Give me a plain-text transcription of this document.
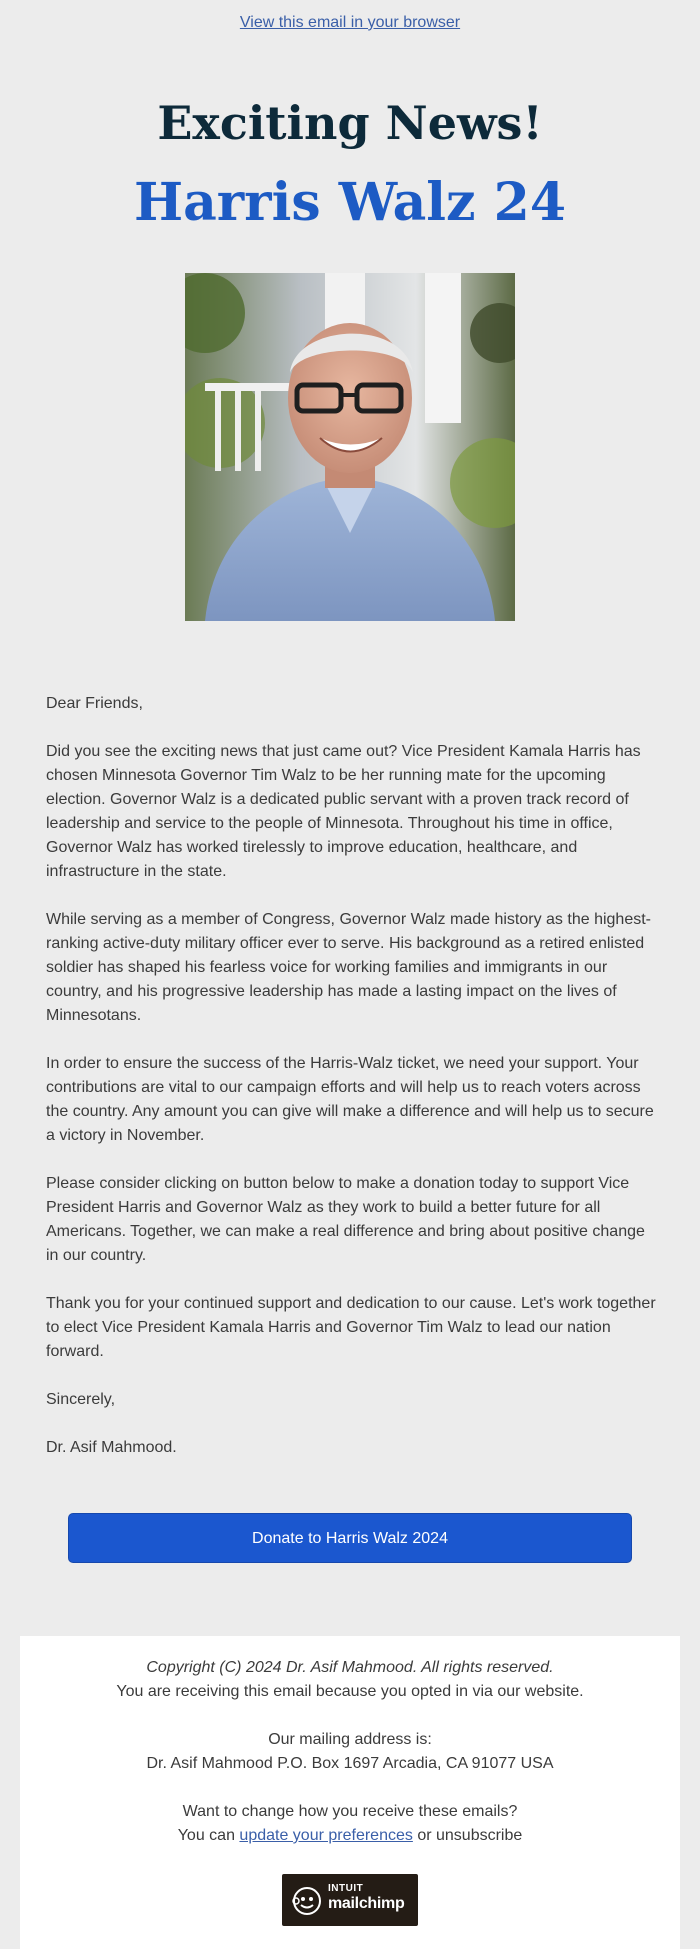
View this email in your browser
Exciting News!
Harris Walz 24

Dear Friends,

Did you see the exciting news that just came out? Vice President Kamala Harris has chosen Minnesota Governor Tim Walz to be her running mate for the upcoming election. Governor Walz is a dedicated public servant with a proven track record of leadership and service to the people of Minnesota. Throughout his time in office, Governor Walz has worked tirelessly to improve education, healthcare, and infrastructure in the state.

While serving as a member of Congress, Governor Walz made history as the highest-ranking active-duty military officer ever to serve. His background as a retired enlisted soldier has shaped his fearless voice for working families and immigrants in our country, and his progressive leadership has made a lasting impact on the lives of Minnesotans.

In order to ensure the success of the Harris-Walz ticket, we need your support. Your contributions are vital to our campaign efforts and will help us to reach voters across the country. Any amount you can give will make a difference and will help us to secure a victory in November.

Please consider clicking on button below to make a donation today to support Vice President Harris and Governor Walz as they work to build a better future for all Americans. Together, we can make a real difference and bring about positive change in our country.

Thank you for your continued support and dedication to our cause. Let's work together to elect Vice President Kamala Harris and Governor Tim Walz to lead our nation forward.

Sincerely,

Dr. Asif Mahmood.

Donate to Harris Walz 2024
Copyright (C) 2024 Dr. Asif Mahmood. All rights reserved.
You are receiving this email because you opted in via our website.
Our mailing address is:
Dr. Asif Mahmood P.O. Box 1697 Arcadia, CA 91077 USA
Want to change how you receive these emails?
You can update your preferences or unsubscribe
INTUIT
mailchimp
